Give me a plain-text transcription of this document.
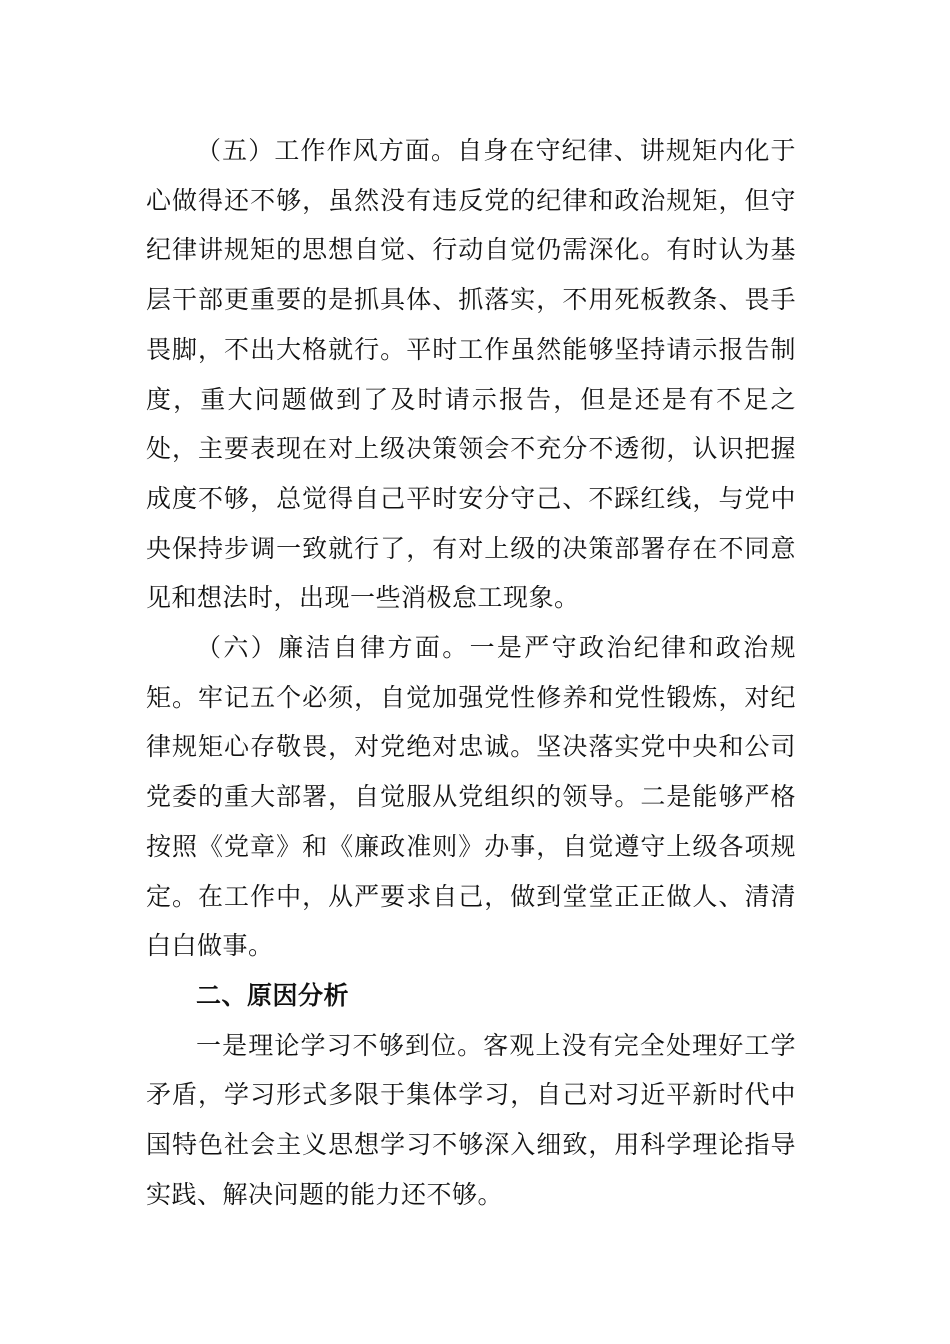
（五）工作作风方面。自身在守纪律、讲规矩内化于心做得还不够，虽然没有违反党的纪律和政治规矩，但守纪律讲规矩的思想自觉、行动自觉仍需深化。有时认为基层干部更重要的是抓具体、抓落实，不用死板教条、畏手畏脚，不出大格就行。平时工作虽然能够坚持请示报告制度，重大问题做到了及时请示报告，但是还是有不足之处，主要表现在对上级决策领会不充分不透彻，认识把握成度不够，总觉得自己平时安分守己、不踩红线，与党中央保持步调一致就行了，有对上级的决策部署存在不同意见和想法时，出现一些消极怠工现象。

（六）廉洁自律方面。一是严守政治纪律和政治规矩。牢记五个必须，自觉加强党性修养和党性锻炼，对纪律规矩心存敬畏，对党绝对忠诚。坚决落实党中央和公司党委的重大部署，自觉服从党组织的领导。二是能够严格按照《党章》和《廉政准则》办事，自觉遵守上级各项规定。在工作中，从严要求自己，做到堂堂正正做人、清清白白做事。

二、原因分析

一是理论学习不够到位。客观上没有完全处理好工学矛盾，学习形式多限于集体学习，自己对习近平新时代中国特色社会主义思想学习不够深入细致，用科学理论指导实践、解决问题的能力还不够。
